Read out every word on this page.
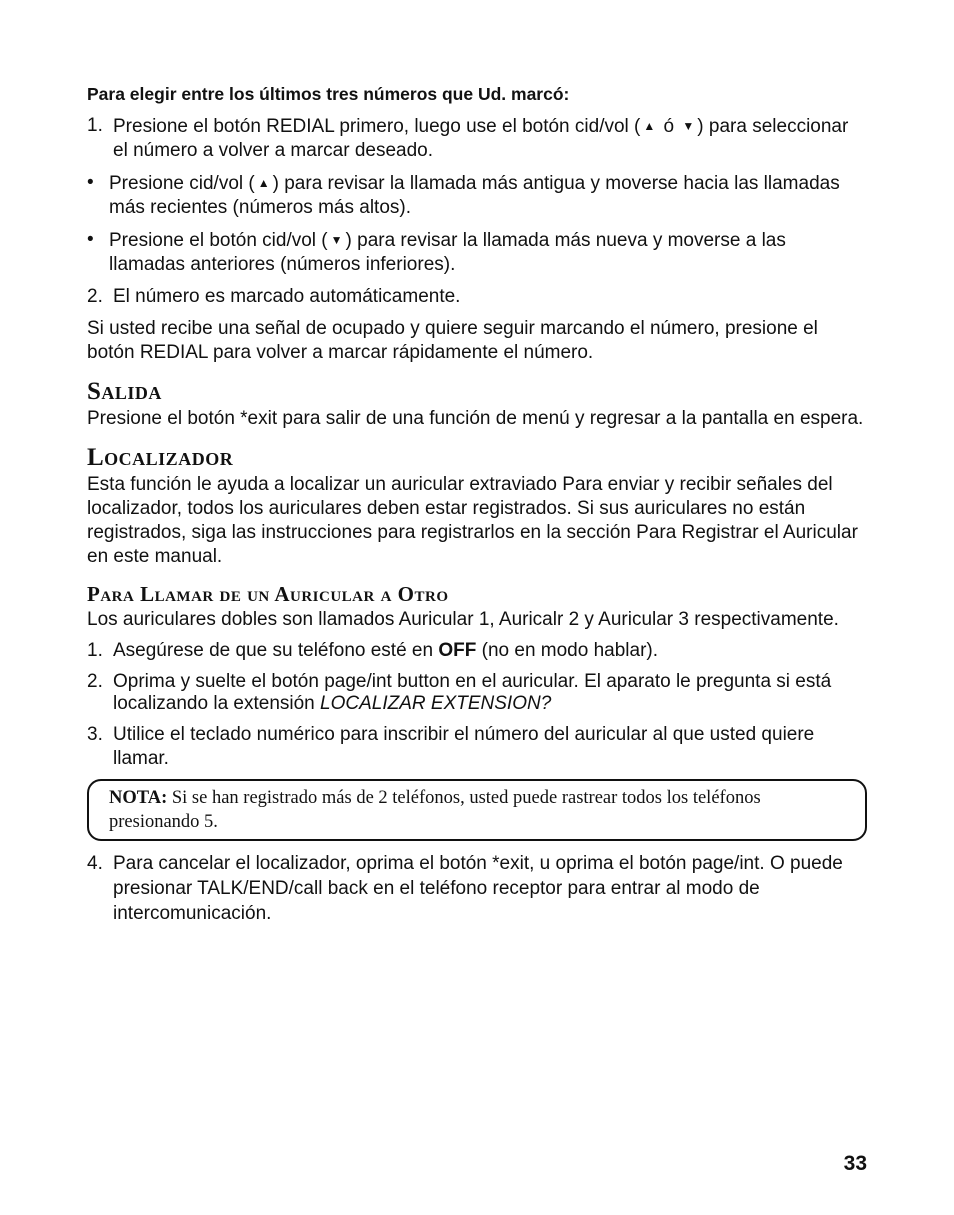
Para elegir entre los últimos tres números que Ud. marcó:

1. Presione el botón REDIAL primero, luego use el botón cid/vol ( ▲ ó ▼ ) para seleccionar el número a volver a marcar deseado.
• Presione cid/vol ( ▲ ) para revisar la llamada más antigua y moverse hacia las llamadas más recientes (números más altos).
• Presione el botón cid/vol ( ▼ ) para revisar la llamada más nueva y moverse a las llamadas anteriores (números inferiores).
2. El número es marcado automáticamente.

Si usted recibe una señal de ocupado y quiere seguir marcando el número, presione el botón REDIAL para volver a marcar rápidamente el número.

Salida

Presione el botón *exit para salir de una función de menú y regresar a la pantalla en espera.

Localizador

Esta función le ayuda a localizar un auricular extraviado Para enviar y recibir señales del localizador, todos los auriculares deben estar registrados. Si sus auriculares no están registrados, siga las instrucciones para registrarlos en la sección Para Registrar el Auricular en este manual.

Para Llamar de un Auricular a Otro

Los auriculares dobles son llamados Auricular 1, Auricalr 2 y Auricular 3 respectivamente.

1. Asegúrese de que su teléfono esté en OFF (no en modo hablar).
2. Oprima y suelte el botón page/int button en el auricular. El aparato le pregunta si está localizando la extensión LOCALIZAR EXTENSION?
3. Utilice el teclado numérico para inscribir el número del auricular al que usted quiere llamar.
NOTA: Si se han registrado más de 2 teléfonos, usted puede rastrear todos los teléfonos presionando 5.
4. Para cancelar el localizador, oprima el botón *exit, u oprima el botón page/int. O puede presionar TALK/END/call back en el teléfono receptor para entrar al modo de intercomunicación.
33
